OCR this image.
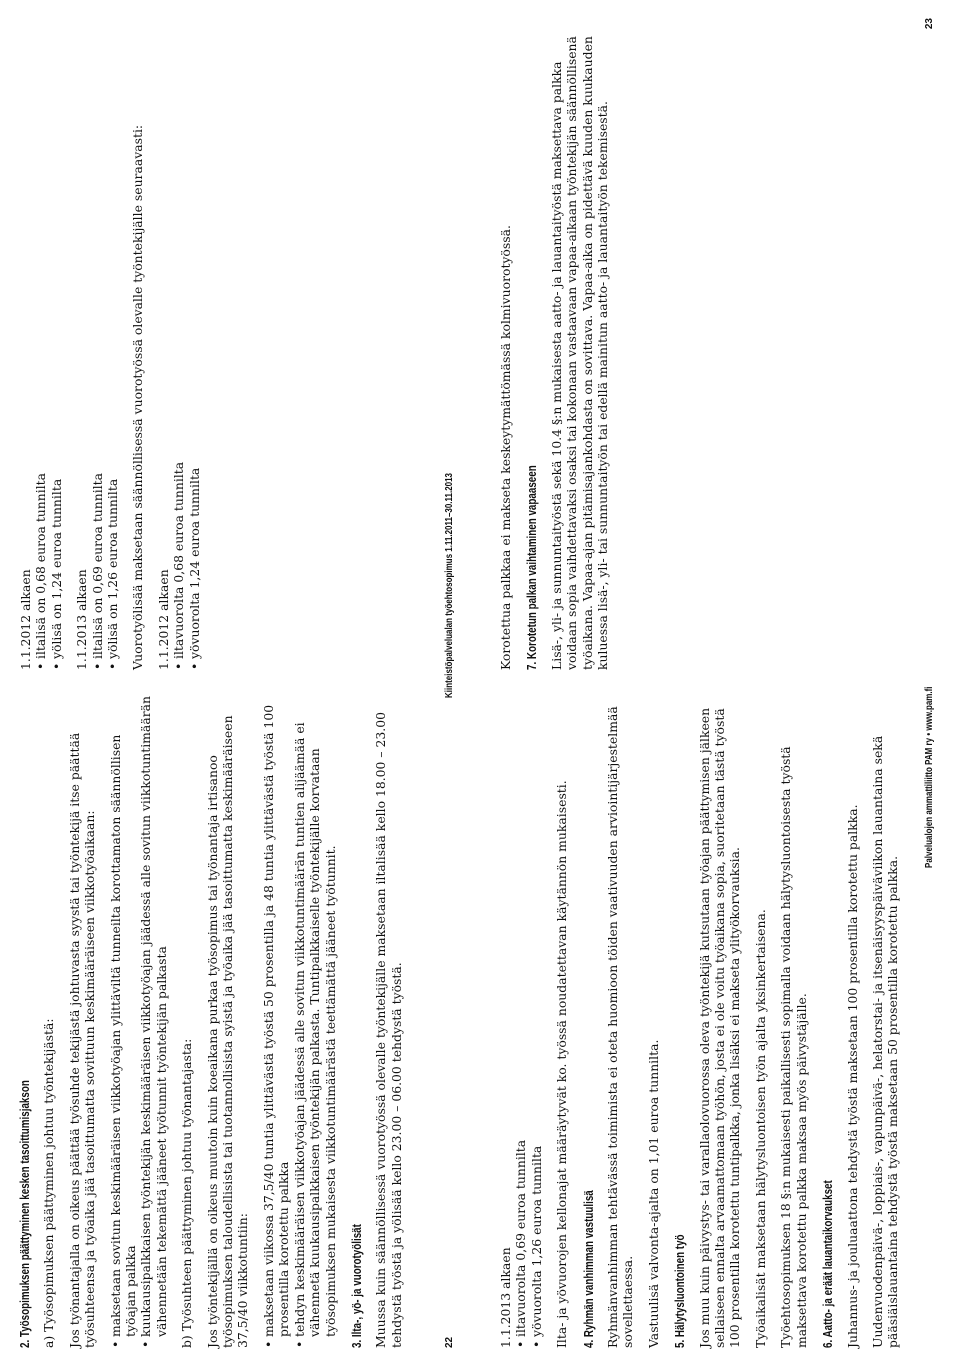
2. Työsopimuksen päättyminen kesken tasoittumisjakson a) Työsopimuksen päättyminen johtuu työntekijästä: Jos työnantajalla on oikeus päättää työsuhde tekijästä johtuvasta syystä tai työntekijä itse päättää työsuhteensa ja työaika jää tasoittumatta sovittuun keskimääräiseen viikkotyöaikaan: • maksetaan sovitun keskimääräisen viikkotyöajan ylittäviltä tunneilta korottamaton säännöllisen työajan palkka • kuukausipalkkaisen työntekijän keskimääräisen viikkotyöajan jäädessä alle sovitun viikkotuntimäärän vähennetään tekemättä jääneet työtunnit työntekijän palkasta b) Työsuhteen päättyminen johtuu työnantajasta: Jos työntekijällä on oikeus muutoin kuin koeaikana purkaa työsopimus tai työnantaja irtisanoo työsopimuksen taloudellisista tai tuotannollisista syistä ja työaika jää tasoittumatta keskimääräiseen 37,5/40 viikkotuntiin: • maksetaan viikossa 37,5/40 tuntia ylittävästä työstä 50 prosentilla ja 48 tuntia ylittävästä työstä 100 prosentilla korotettu palkka • tehdyn keskimääräisen viikkotyöajan jäädessä alle sovitun viikkotuntimäärän tuntien alijäämää ei vähennetä kuukausipalkkaisen työntekijän palkasta. Tuntipalkkaiselle työntekijälle korvataan työsopimuksen mukaisesta viikkotuntimäärästä teettämättä jääneet työtunnit. 3. Ilta-, yö- ja vuorotyölisät Muussa kuin säännöllisessä vuorotyössä olevalle työntekijälle maksetaan iltalisää kello 18.00 – 23.00 tehdystä työstä ja yölisää kello 23.00 – 06.00 tehdystä työstä.

1.1.2012 alkaen • iltalisä on 0,68 euroa tunnilta • yölisä on 1,24 euroa tunnilta 1.1.2013 alkaen • iltalisä on 0,69 euroa tunnilta • yölisä on 1,26 euroa tunnilta Vuorotyölisää maksetaan säännöllisessä vuorotyössä olevalle työntekijälle seuraavasti: 1.1.2012 alkaen • iltavuorolta 0,68 euroa tunnilta • yövuorolta 1,24 euroa tunnilta
22
Kiinteistöpalvelualan työehtosopimus 1.11.2011–30.11.2013
1.1.2013 alkaen • iltavuorolta 0,69 euroa tunnilta • yövuorolta 1,26 euroa tunnilta Ilta- ja yövuorojen kellonajat määräytyvät ko. työssä noudatettavan käytännön mukaisesti. 4. Ryhmän vanhimman vastuulisä Ryhmänvanhimman tehtävässä toimimista ei oteta huomioon töiden vaativuuden arviointijärjestelmää sovellettaessa. Vastuulisä valvonta-ajalta on 1,01 euroa tunnilta. 5. Hälytysluontoinen työ Jos muu kuin päivystys- tai varallaolovuorossa oleva työntekijä kutsutaan työajan päättymisen jälkeen sellaiseen ennalta arvaamattomaan työhön, josta ei ole voitu työaikana sopia, suoritetaan tästä työstä 100 prosentilla korotettu tuntipalkka, jonka lisäksi ei makseta ylityökorvauksia. Työaikalisät maksetaan hälytysluontoisen työn ajalta yksinkertaisena. Työehtosopimuksen 18 §:n mukaisesti paikallisesti sopimalla voidaan hälytysluontoisesta työstä maksettava korotettu palkka maksaa myös päivystäjälle. 6. Aatto- ja eräät lauantaikorvaukset Juhannus- ja jouluaattona tehdystä työstä maksetaan 100 prosentilla korotettu palkka. Uudenvuodenpäivä-, loppiais-, vapunpäivä-, helatorstai- ja itsenäisyyspäiväviikon lauantaina sekä pääsiäislauantaina tehdystä työstä maksetaan 50 prosentilla korotettu palkka.

Korotettua palkkaa ei makseta keskeytymättömässä kolmivuorotyössä. 7. Korotetun palkan vaihtaminen vapaaseen Lisä-, yli- ja sunnuntaityöstä sekä 10.4 §:n mukaisesta aatto- ja lauantaityöstä maksettava palkka voidaan sopia vaihdettavaksi osaksi tai kokonaan vastaavaan vapaa-aikaan työntekijän säännöllisenä työaikana. Vapaa-ajan pitämisajankohdasta on sovittava. Vapaa-aika on pidettävä kuuden kuukauden kuluessa lisä-, yli- tai sunnuntaityön tai edellä mainitun aatto- ja lauantaityön tekemisestä.

Palvelualojen ammattiliitto PAM ry • www.pam.fi
23
